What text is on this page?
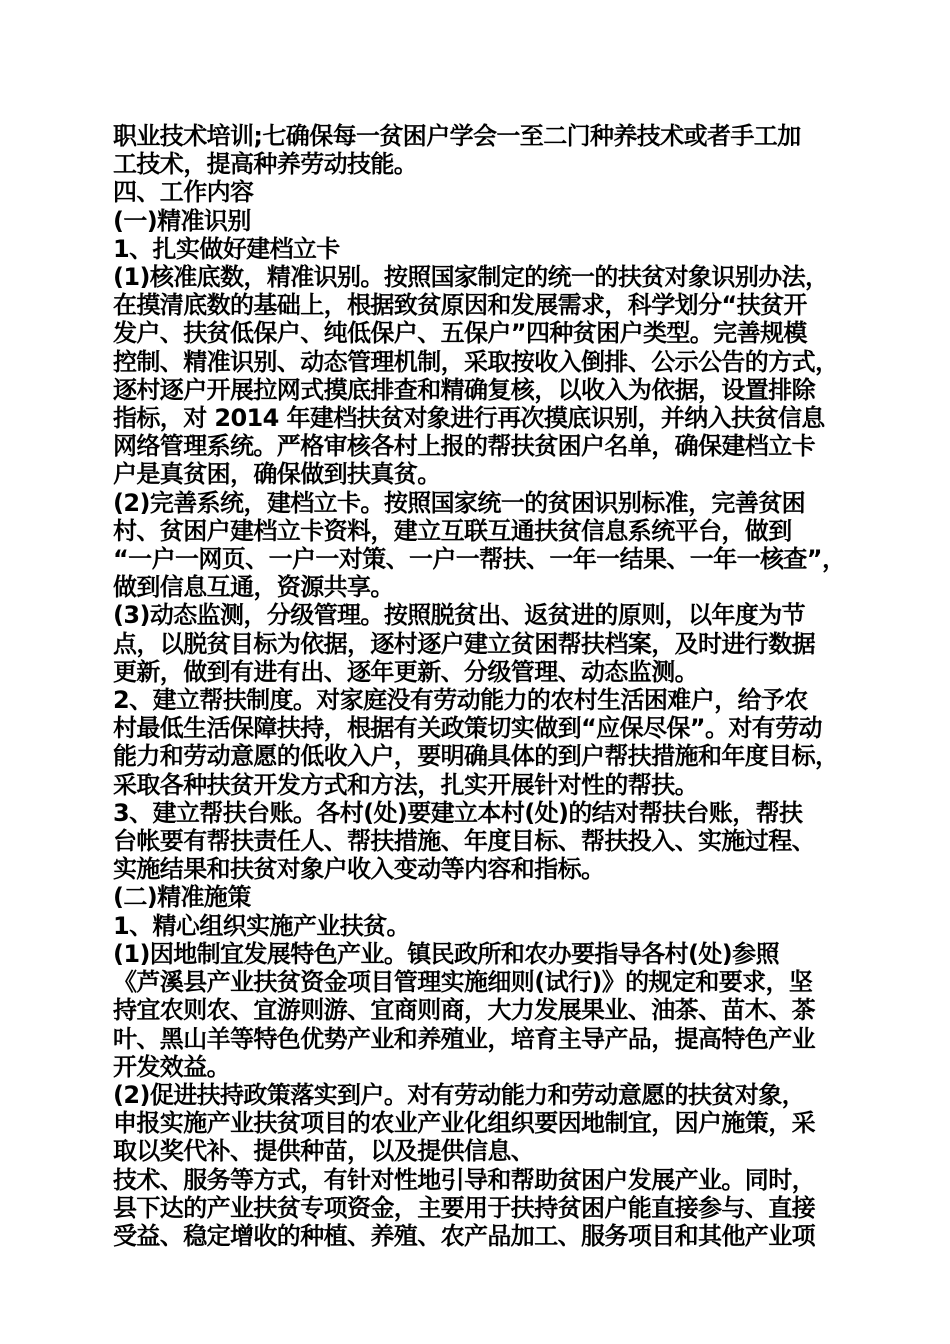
职业技术培训;七确保每一贫困户学会一至二门种养技术或者手工加
工技术，提高种养劳动技能。
四、工作内容
(一)精准识别
1、扎实做好建档立卡
(1)核准底数，精准识别。按照国家制定的统一的扶贫对象识别办法，
在摸清底数的基础上，根据致贫原因和发展需求，科学划分“扶贫开
发户、扶贫低保户、纯低保户、五保户”四种贫困户类型。完善规模
控制、精准识别、动态管理机制，采取按收入倒排、公示公告的方式，
逐村逐户开展拉网式摸底排查和精确复核，以收入为依据，设置排除
指标，对 2014 年建档扶贫对象进行再次摸底识别，并纳入扶贫信息
网络管理系统。严格审核各村上报的帮扶贫困户名单，确保建档立卡
户是真贫困，确保做到扶真贫。
(2)完善系统，建档立卡。按照国家统一的贫困识别标准，完善贫困
村、贫困户建档立卡资料，建立互联互通扶贫信息系统平台，做到
“一户一网页、一户一对策、一户一帮扶、一年一结果、一年一核查”，
做到信息互通，资源共享。
(3)动态监测，分级管理。按照脱贫出、返贫进的原则，以年度为节
点，以脱贫目标为依据，逐村逐户建立贫困帮扶档案，及时进行数据
更新，做到有进有出、逐年更新、分级管理、动态监测。
2、建立帮扶制度。对家庭没有劳动能力的农村生活困难户，给予农
村最低生活保障扶持，根据有关政策切实做到“应保尽保”。对有劳动
能力和劳动意愿的低收入户，要明确具体的到户帮扶措施和年度目标，
采取各种扶贫开发方式和方法，扎实开展针对性的帮扶。
3、建立帮扶台账。各村(处)要建立本村(处)的结对帮扶台账，帮扶
台帐要有帮扶责任人、帮扶措施、年度目标、帮扶投入、实施过程、
实施结果和扶贫对象户收入变动等内容和指标。
(二)精准施策
1、精心组织实施产业扶贫。
(1)因地制宜发展特色产业。镇民政所和农办要指导各村(处)参照
《芦溪县产业扶贫资金项目管理实施细则(试行)》的规定和要求，坚
持宜农则农、宜游则游、宜商则商，大力发展果业、油茶、苗木、茶
叶、黑山羊等特色优势产业和养殖业，培育主导产品，提高特色产业
开发效益。
(2)促进扶持政策落实到户。对有劳动能力和劳动意愿的扶贫对象，
申报实施产业扶贫项目的农业产业化组织要因地制宜，因户施策，采
取以奖代补、提供种苗，以及提供信息、
技术、服务等方式，有针对性地引导和帮助贫困户发展产业。同时，
县下达的产业扶贫专项资金，主要用于扶持贫困户能直接参与、直接
受益、稳定增收的种植、养殖、农产品加工、服务项目和其他产业项
